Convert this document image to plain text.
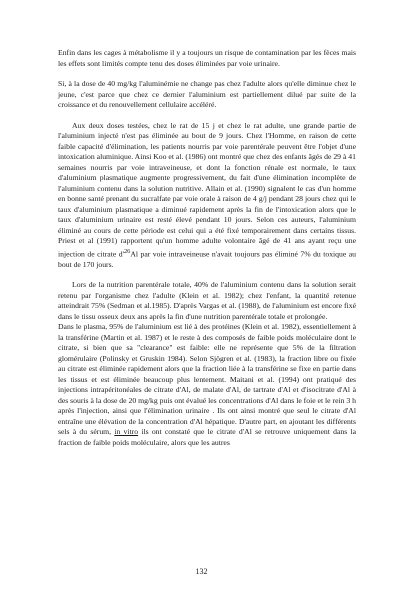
Enfin dans les cages à métabolisme il y a toujours un risque de contamination par les fèces mais les effets sont limités compte tenu des doses éliminées par voie urinaire.

Si, à la dose de 40 mg/kg l'aluminémie ne change pas chez l'adulte alors qu'elle diminue chez le jeune, c'est parce que chez ce dernier l'aluminium est partiellement dilué par suite de la croissance et du renouvellement cellulaire accéléré.

Aux deux doses testées, chez le rat de 15 j et chez le rat adulte, une grande partie de l'aluminium injecté n'est pas éliminée au bout de 9 jours. Chez l'Homme, en raison de cette faible capacité d'élimination, les patients nourris par voie parentérale peuvent être l'objet d'une intoxication aluminique. Ainsi Koo et al. (1986) ont montré que chez des enfants âgés de 29 à 41 semaines nourris par voie intraveineuse, et dont la fonction rénale est normale, le taux d'aluminium plasmatique augmente progressivement, du fait d'une élimination incomplète de l'aluminium contenu dans la solution nutritive. Allain et al. (1990) signalent le cas d'un homme en bonne santé prenant du sucralfate par voie orale à raison de 4 g/j pendant 28 jours chez qui le taux d'aluminium plasmatique a diminué rapidement après la fin de l'intoxication alors que le taux d'aluminium urinaire est resté élevé pendant 10 jours. Selon ces auteurs, l'aluminium éliminé au cours de cette période est celui qui a été fixé temporairement dans certains tissus. Priest et al (1991) rapportent qu'un homme adulte volontaire âgé de 41 ans ayant reçu une injection de citrate $d'^{26}Al$ par voie intraveineuse n'avait toujours pas éliminé 7% du toxique au bout de 170 jours.

Lors de la nutrition parentérale totale, 40% de l'aluminium contenu dans la solution serait retenu par l'organisme chez l'adulte (Klein et al. 1982); chez l'enfant, la quantité retenue atteindrait 75% (Sedman et al.1985). D'après Vargas et al. (1988), de l'aluminium est encore fixé dans le tissu osseux deux ans après la fin d'une nutrition parentérale totale et prolongée.

Dans le plasma, 95% de l'aluminium est lié à des protéines (Klein et al. 1982), essentiellement à la transférine (Martin et al. 1987) et le reste à des composés de faible poids moléculaire dont le citrate, si bien que sa "clearance" est faible: elle ne représente que 5% de la filtration glomérulaire (Polinsky et Gruskin 1984). Selon Sjögren et al. (1983), la fraction libre ou fixée au citrate est éliminée rapidement alors que la fraction liée à la transférine se fixe en partie dans les tissus et est éliminée beaucoup plus lentement. Maitani et al. (1994) ont pratiqué des injections intrapéritonéales de citrate d'Al, de malate d'Al, de tartrate d'Al et d'isocitrate d'Al à des souris à la dose de 20 mg/kg puis ont évalué les concentrations d'Al dans le foie et le rein 3 h après l'injection, ainsi que l'élimination urinaire . Ils ont ainsi montré que seul le citrate d'Al entraîne une élévation de la concentration d'Al hépatique. D'autre part, en ajoutant les différents sels à du sérum, in vitro ils ont constaté que le citrate d'Al se retrouve uniquement dans la fraction de faible poids moléculaire, alors que les autres

132
